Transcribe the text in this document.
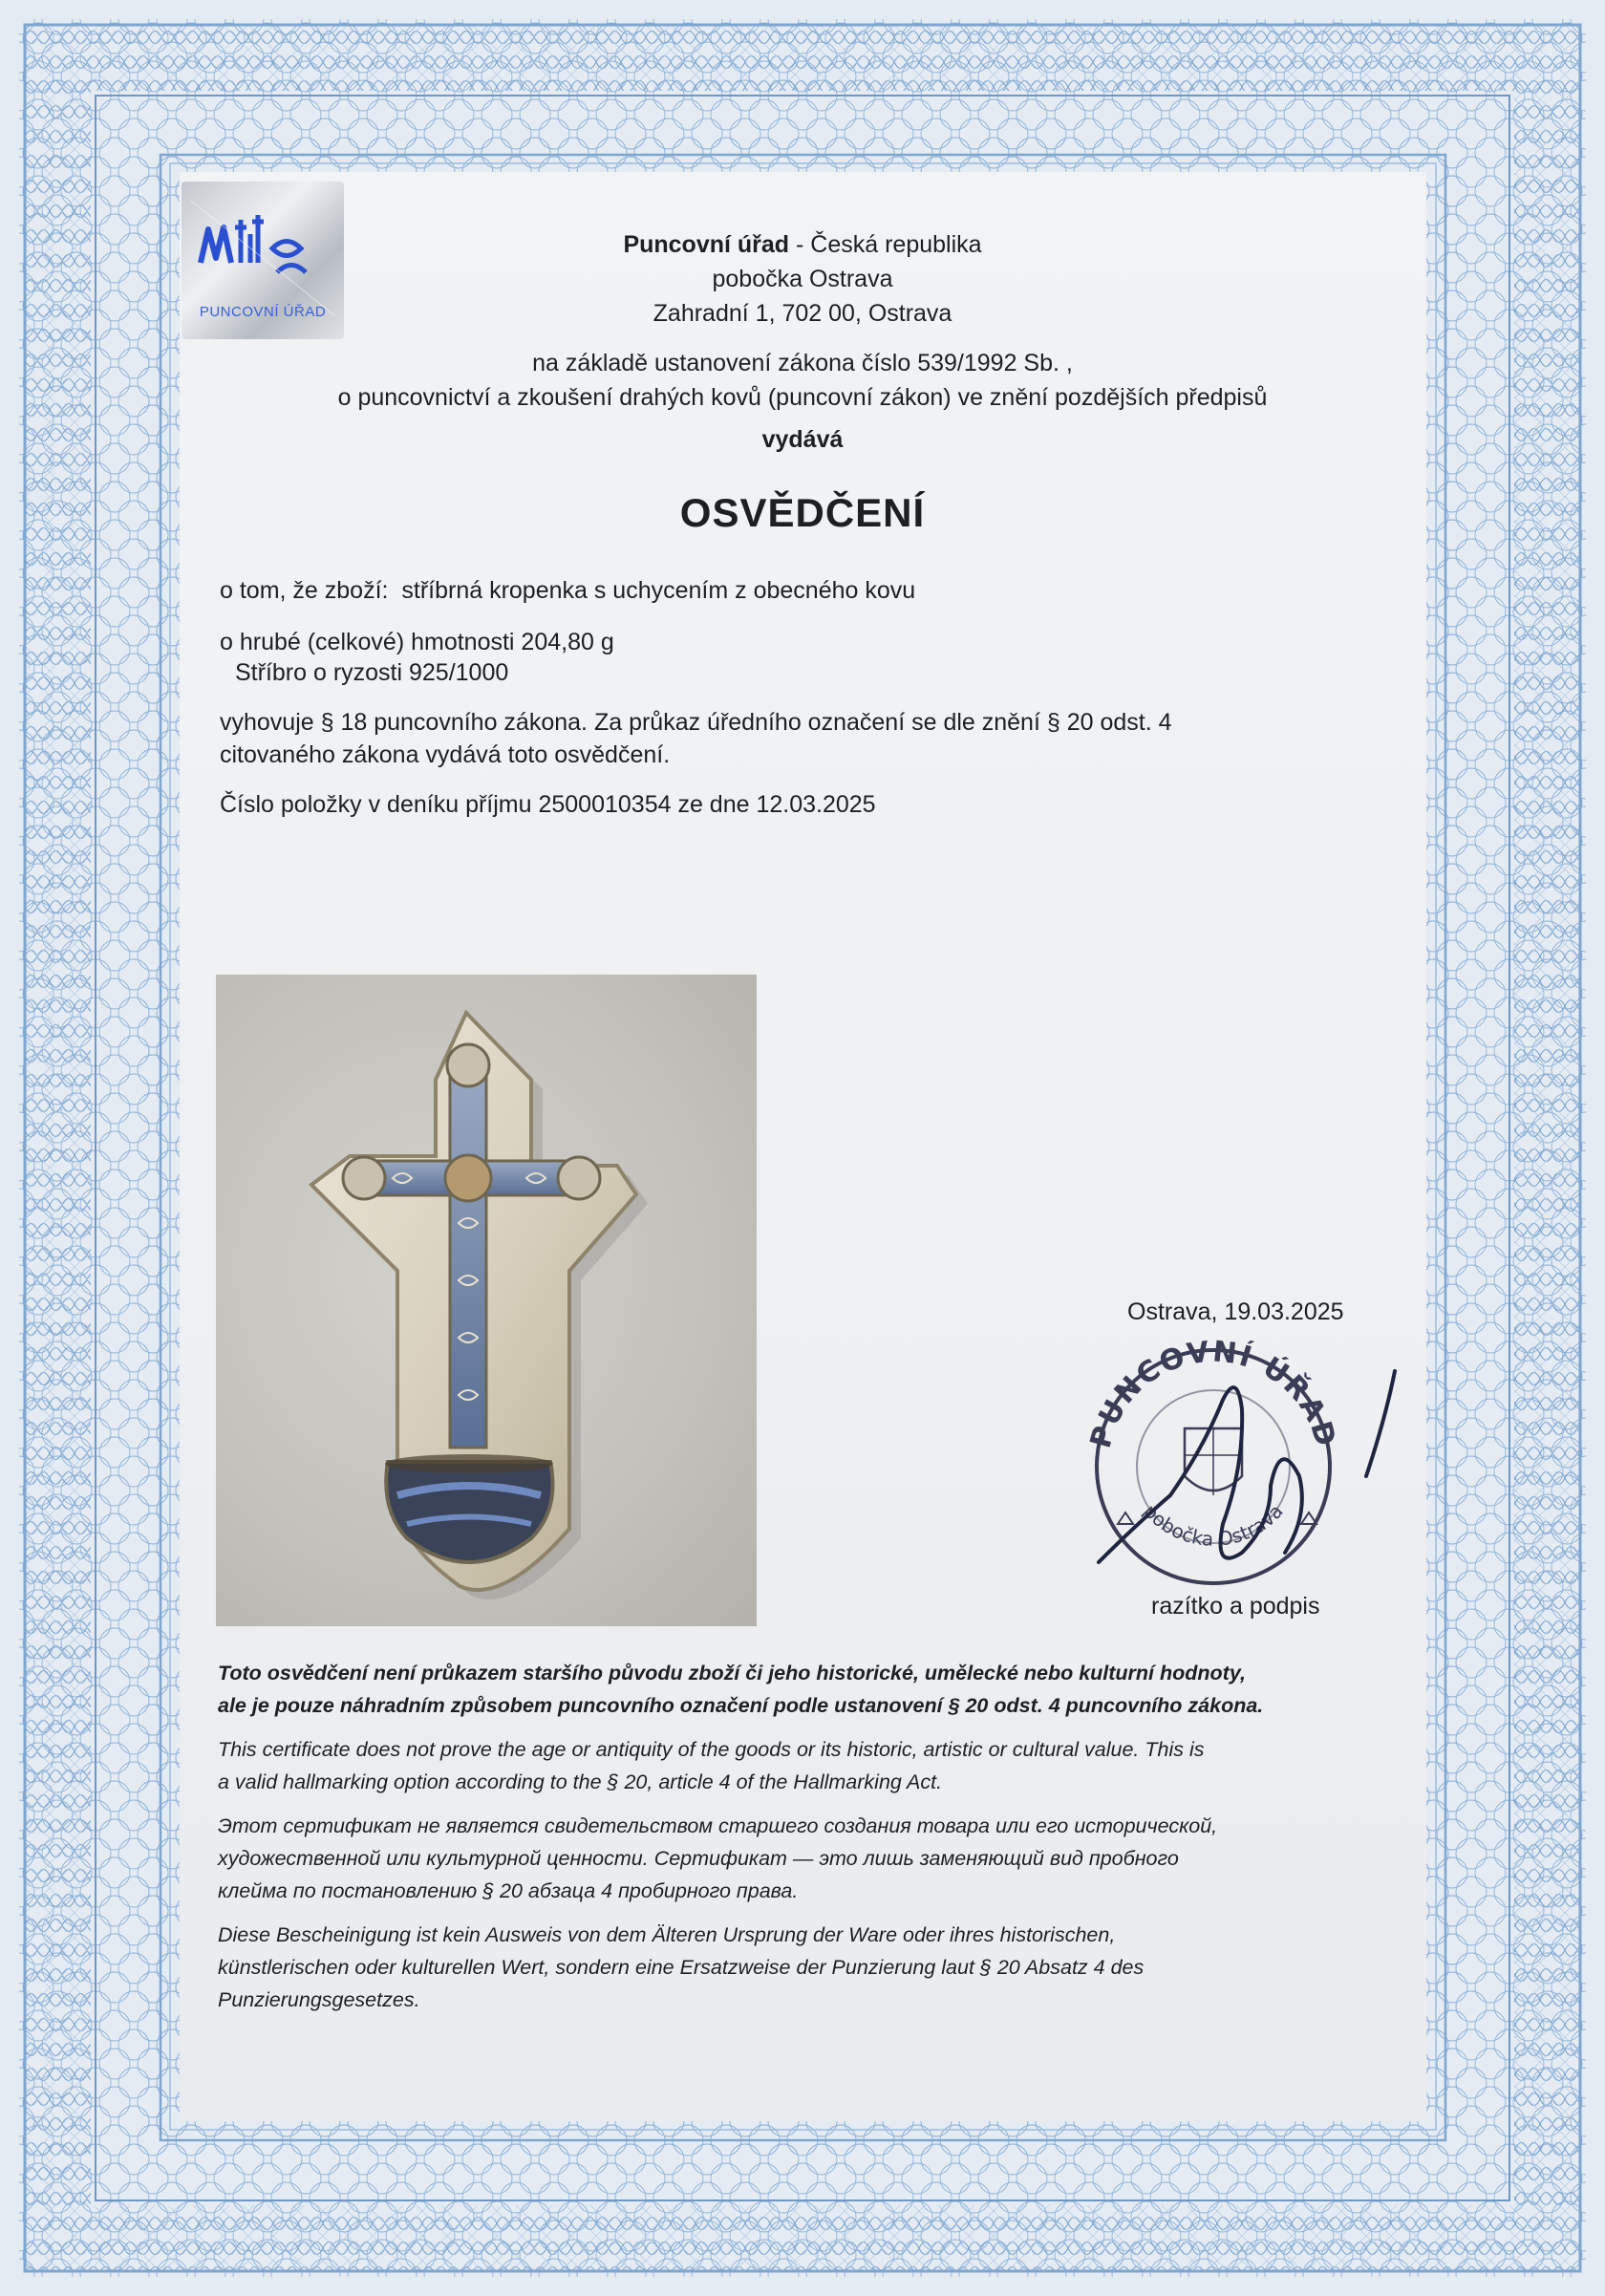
PUNCOVNÍ ÚŘAD
Puncovní úřad - Česká republika
pobočka Ostrava
Zahradní 1, 702 00, Ostrava
na základě ustanovení zákona číslo 539/1992 Sb. ,
o puncovnictví a zkoušení drahých kovů (puncovní zákon) ve znění pozdějších předpisů
vydává
OSVĚDČENÍ
o tom, že zboží: stříbrná kropenka s uchycením z obecného kovu
o hrubé (celkové) hmotnosti 204,80 g
Stříbro o ryzosti 925/1000
vyhovuje § 18 puncovního zákona. Za průkaz úředního označení se dle znění § 20 odst. 4
citovaného zákona vydává toto osvědčení.
Číslo položky v deníku příjmu 2500010354 ze dne 12.03.2025
Ostrava, 19.03.2025
PUNCOVNÍ ÚŘAD
pobočka Ostrava
razítko a podpis
Toto osvědčení není průkazem staršího původu zboží či jeho historické, umělecké nebo kulturní hodnoty,
ale je pouze náhradním způsobem puncovního označení podle ustanovení § 20 odst. 4 puncovního zákona.
This certificate does not prove the age or antiquity of the goods or its historic, artistic or cultural value. This is
a valid hallmarking option according to the § 20, article 4 of the Hallmarking Act.
Этот сертификат не является свидетельством старшего создания товара или его исторической,
художественной или культурной ценности. Сертификат — это лишь заменяющий вид пробного
клейма по постановлению § 20 абзаца 4 пробирного права.
Diese Bescheinigung ist kein Ausweis von dem Älteren Ursprung der Ware oder ihres historischen,
künstlerischen oder kulturellen Wert, sondern eine Ersatzweise der Punzierung laut § 20 Absatz 4 des
Punzierungsgesetzes.
